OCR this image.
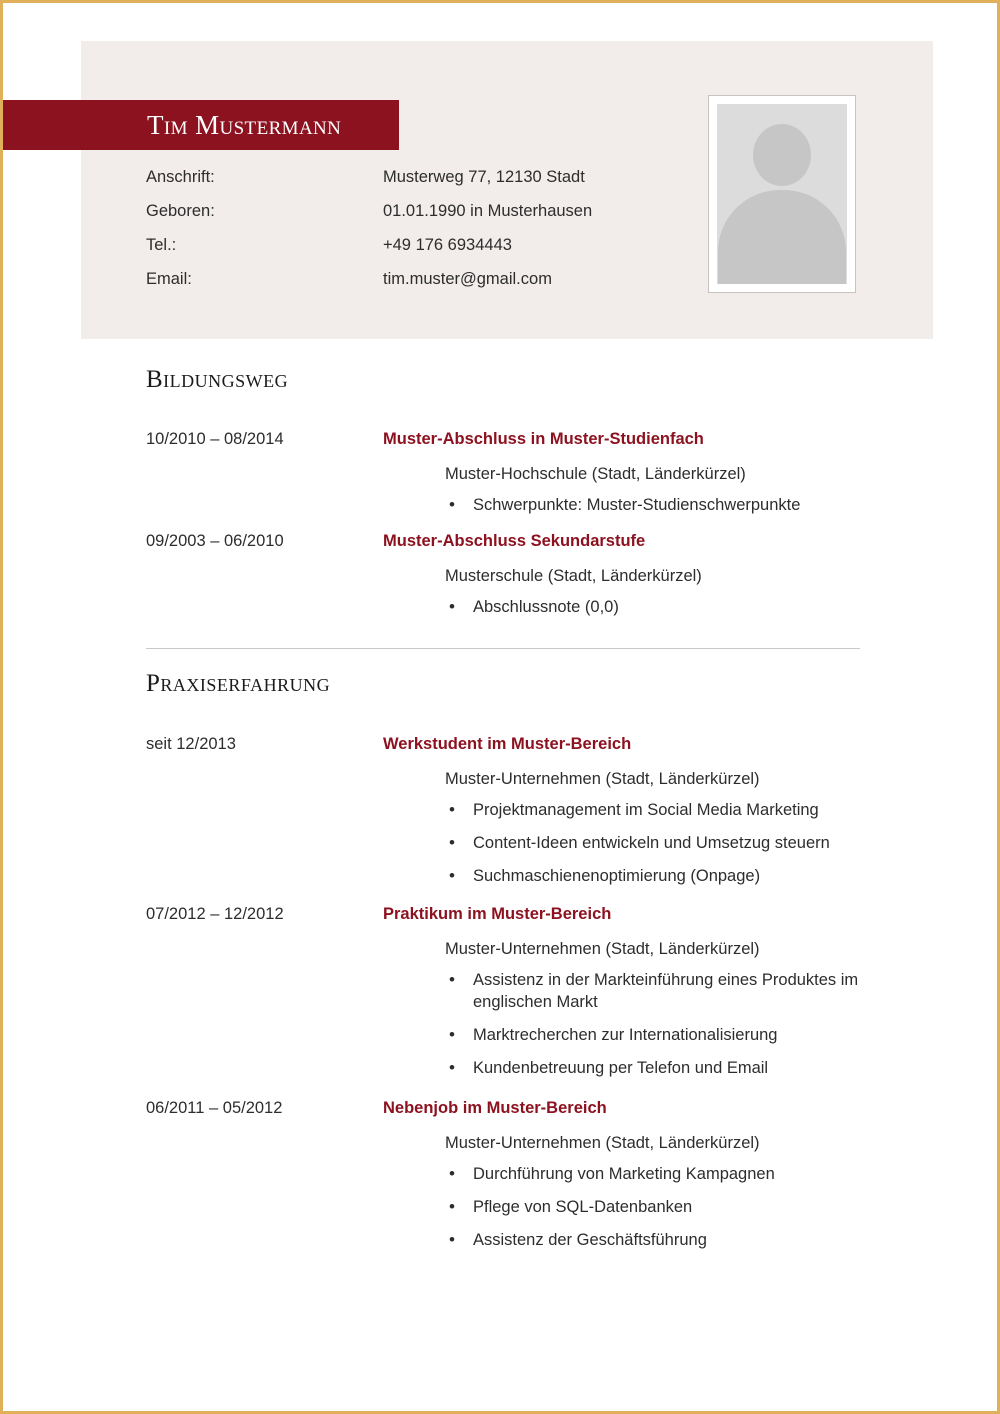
Tim Mustermann
Anschrift:	Musterweg 77, 12130 Stadt
Geboren:	01.01.1990 in Musterhausen
Tel.:	+49 176 6934443
Email:	tim.muster@gmail.com
Bildungsweg
10/2010 – 08/2014	Muster-Abschluss in Muster-Studienfach
Muster-Hochschule (Stadt, Länderkürzel)
• Schwerpunkte: Muster-Studienschwerpunkte
09/2003 – 06/2010	Muster-Abschluss Sekundarstufe
Musterschule (Stadt, Länderkürzel)
• Abschlussnote (0,0)
Praxiserfahrung
seit 12/2013	Werkstudent im Muster-Bereich
Muster-Unternehmen (Stadt, Länderkürzel)
• Projektmanagement im Social Media Marketing
• Content-Ideen entwickeln und Umsetzug steuern
• Suchmaschienenoptimierung (Onpage)
07/2012 – 12/2012	Praktikum im Muster-Bereich
Muster-Unternehmen (Stadt, Länderkürzel)
• Assistenz in der Markteinführung eines Produktes im englischen Markt
• Marktrecherchen zur Internationalisierung
• Kundenbetreuung per Telefon und Email
06/2011 – 05/2012	Nebenjob im Muster-Bereich
Muster-Unternehmen (Stadt, Länderkürzel)
• Durchführung von Marketing Kampagnen
• Pflege von SQL-Datenbanken
• Assistenz der Geschäftsführung
